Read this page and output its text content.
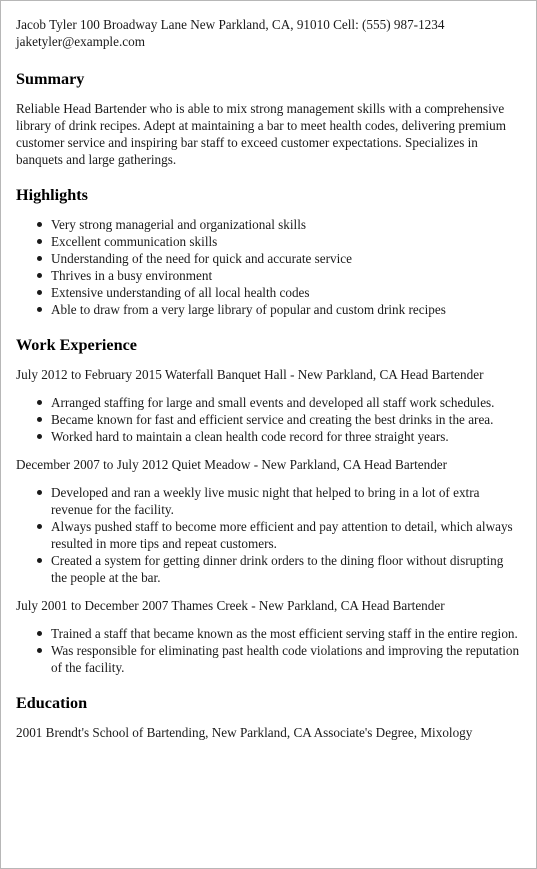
Jacob Tyler 100 Broadway Lane New Parkland, CA, 91010 Cell: (555) 987-1234
jaketyler@example.com
Summary

Reliable Head Bartender who is able to mix strong management skills with a comprehensive library of drink recipes. Adept at maintaining a bar to meet health codes, delivering premium customer service and inspiring bar staff to exceed customer expectations. Specializes in banquets and large gatherings.

Highlights
Very strong managerial and organizational skills
Excellent communication skills
Understanding of the need for quick and accurate service
Thrives in a busy environment
Extensive understanding of all local health codes
Able to draw from a very large library of popular and custom drink recipes
Work Experience
July 2012 to February 2015 Waterfall Banquet Hall - New Parkland, CA Head Bartender
Arranged staffing for large and small events and developed all staff work schedules.
Became known for fast and efficient service and creating the best drinks in the area.
Worked hard to maintain a clean health code record for three straight years.
December 2007 to July 2012 Quiet Meadow - New Parkland, CA Head Bartender
Developed and ran a weekly live music night that helped to bring in a lot of extra revenue for the facility.
Always pushed staff to become more efficient and pay attention to detail, which always resulted in more tips and repeat customers.
Created a system for getting dinner drink orders to the dining floor without disrupting the people at the bar.
July 2001 to December 2007 Thames Creek - New Parkland, CA Head Bartender
Trained a staff that became known as the most efficient serving staff in the entire region.
Was responsible for eliminating past health code violations and improving the reputation of the facility.
Education

2001 Brendt's School of Bartending, New Parkland, CA Associate's Degree, Mixology
